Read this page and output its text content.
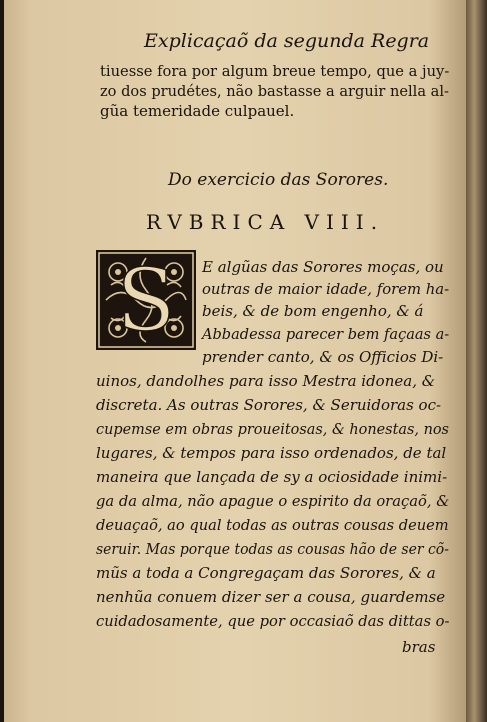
Explicaçaõ da segunda Regra
tiuesse fora por algum breue tempo, que a juy-
zo dos prudétes, não bastasse a arguir nella al-
gũa temeridade culpauel.
Do exercicio das Sorores.
RVBRICA VIII.
S E algũas das Sorores moças, ou
outras de maior idade, forem ha-
beis, & de bom engenho, & á
Abbadessa parecer bem façaas a-
prender canto, & os Officios Di-
uinos, dandolhes para isso Mestra idonea, &
discreta. As outras Sorores, & Seruidoras oc-
cupemse em obras proueitosas, & honestas, nos
lugares, & tempos para isso ordenados, de tal
maneira que lançada de sy a ociosidade inimi-
ga da alma, não apague o espirito da oraçaõ, &
deuaçaõ, ao qual todas as outras cousas deuem
seruir. Mas porque todas as cousas hão de ser cõ-
mũs a toda a Congregaçam das Sorores, & a
nenhũa conuem dizer ser a cousa, guardemse
cuidadosamente, que por occasiaõ das dittas o-
bras
